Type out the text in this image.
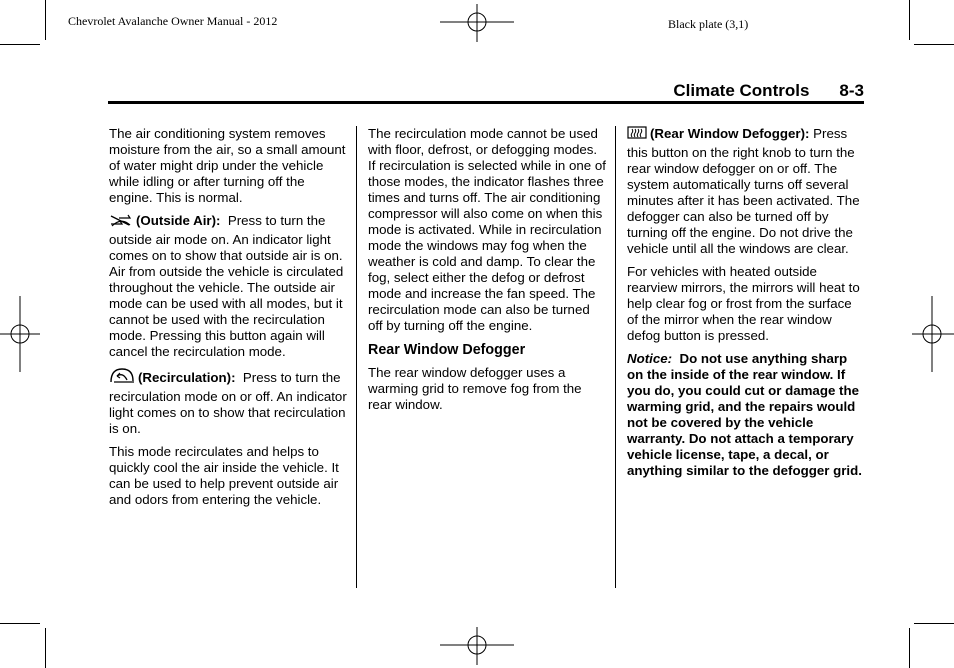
Chevrolet Avalanche Owner Manual - 2012	Black plate (3,1)
Climate Controls 8-3

The air conditioning system removes moisture from the air, so a small amount of water might drip under the vehicle while idling or after turning off the engine. This is normal.

(Outside Air): Press to turn the outside air mode on. An indicator light comes on to show that outside air is on. Air from outside the vehicle is circulated throughout the vehicle. The outside air mode can be used with all modes, but it cannot be used with the recirculation mode. Pressing this button again will cancel the recirculation mode.

(Recirculation): Press to turn the recirculation mode on or off. An indicator light comes on to show that recirculation is on.

This mode recirculates and helps to quickly cool the air inside the vehicle. It can be used to help prevent outside air and odors from entering the vehicle.

The recirculation mode cannot be used with floor, defrost, or defogging modes. If recirculation is selected while in one of those modes, the indicator flashes three times and turns off. The air conditioning compressor will also come on when this mode is activated. While in recirculation mode the windows may fog when the weather is cold and damp. To clear the fog, select either the defog or defrost mode and increase the fan speed. The recirculation mode can also be turned off by turning off the engine.

Rear Window Defogger

The rear window defogger uses a warming grid to remove fog from the rear window.

(Rear Window Defogger): Press this button on the right knob to turn the rear window defogger on or off. The system automatically turns off several minutes after it has been activated. The defogger can also be turned off by turning off the engine. Do not drive the vehicle until all the windows are clear.

For vehicles with heated outside rearview mirrors, the mirrors will heat to help clear fog or frost from the surface of the mirror when the rear window defog button is pressed.

Notice: Do not use anything sharp on the inside of the rear window. If you do, you could cut or damage the warming grid, and the repairs would not be covered by the vehicle warranty. Do not attach a temporary vehicle license, tape, a decal, or anything similar to the defogger grid.
